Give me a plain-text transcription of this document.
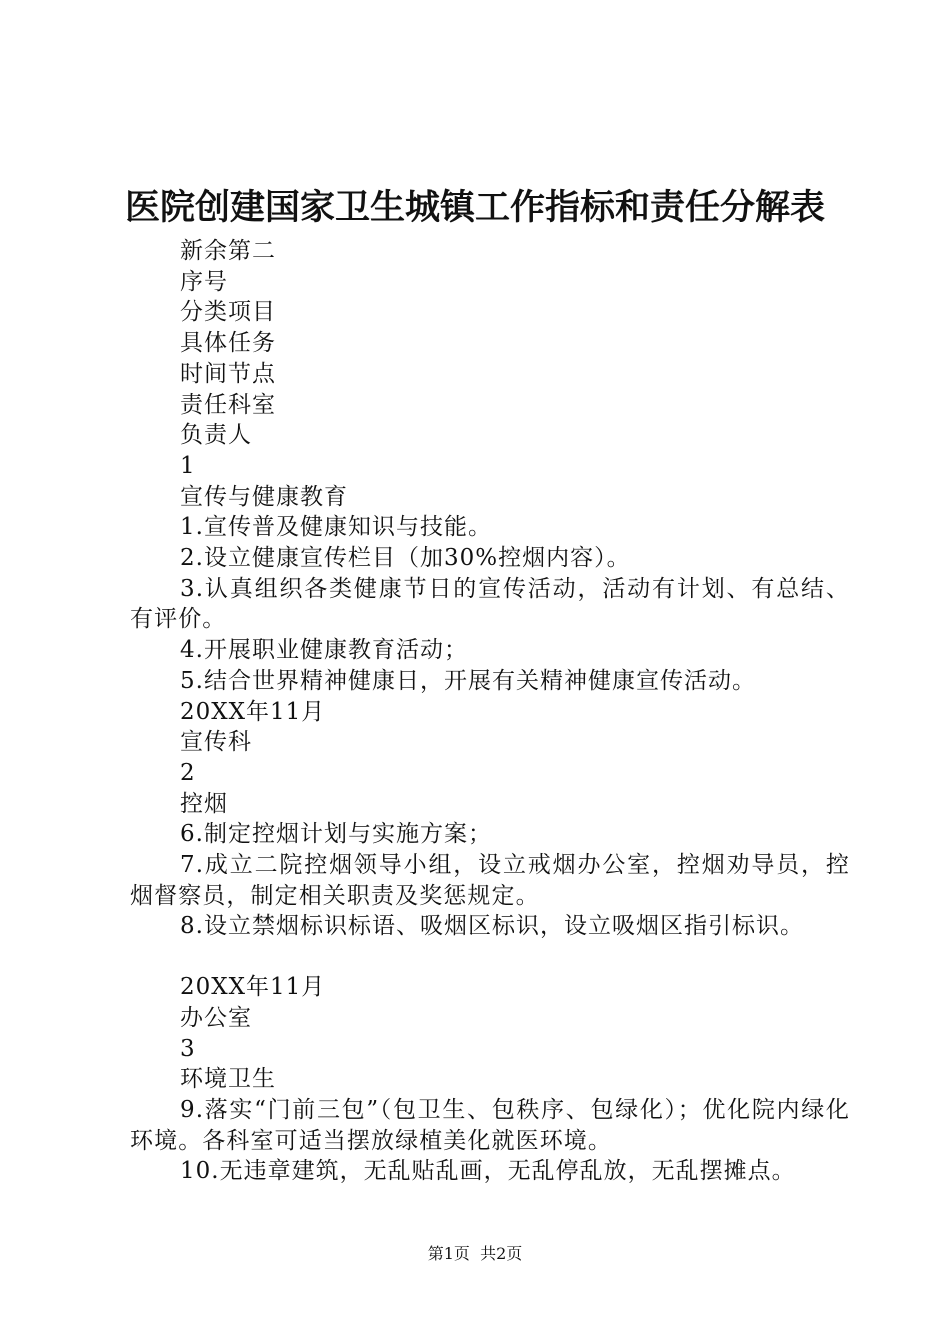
医院创建国家卫生城镇工作指标和责任分解表
新余第二
序号
分类项目
具体任务
时间节点
责任科室
负责人
1
宣传与健康教育
1.宣传普及健康知识与技能。
2.设立健康宣传栏目（加30%控烟内容）。
3.认真组织各类健康节日的宣传活动，活动有计划、有总结、有评价。
4.开展职业健康教育活动；
5.结合世界精神健康日，开展有关精神健康宣传活动。
20XX年11月
宣传科
2
控烟
6.制定控烟计划与实施方案；
7.成立二院控烟领导小组，设立戒烟办公室，控烟劝导员，控烟督察员，制定相关职责及奖惩规定。
8.设立禁烟标识标语、吸烟区标识，设立吸烟区指引标识。
20XX年11月
办公室
3
环境卫生
9.落实“门前三包”（包卫生、包秩序、包绿化）；优化院内绿化环境。各科室可适当摆放绿植美化就医环境。
10.无违章建筑，无乱贴乱画，无乱停乱放，无乱摆摊点。
第1页  共2页
